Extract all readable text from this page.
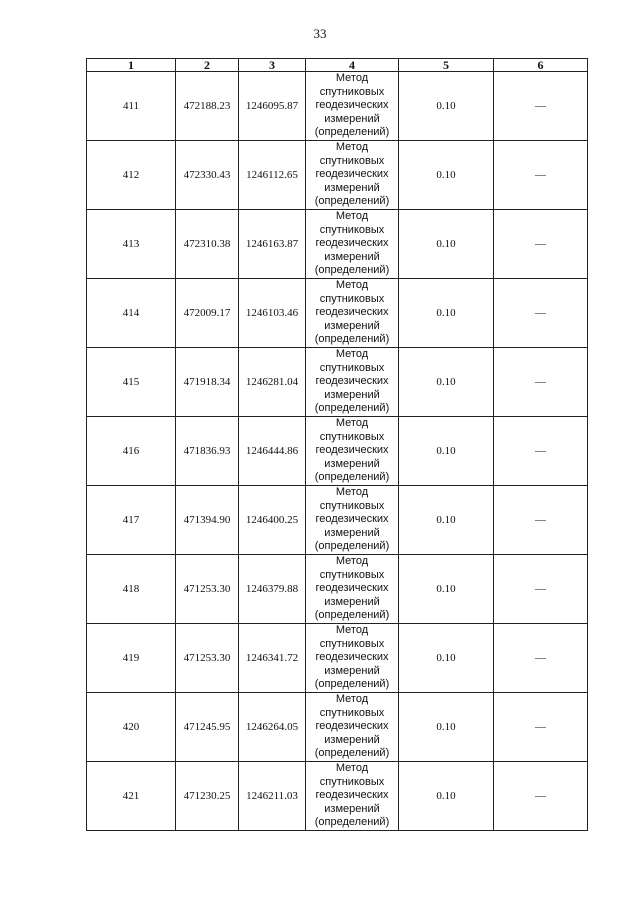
33
1	2	3	4	5	6
411	472188.23	1246095.87	Метод
спутниковых
геодезических
измерений
(определений)	0.10	—
412	472330.43	1246112.65	Метод
спутниковых
геодезических
измерений
(определений)	0.10	—
413	472310.38	1246163.87	Метод
спутниковых
геодезических
измерений
(определений)	0.10	—
414	472009.17	1246103.46	Метод
спутниковых
геодезических
измерений
(определений)	0.10	—
415	471918.34	1246281.04	Метод
спутниковых
геодезических
измерений
(определений)	0.10	—
416	471836.93	1246444.86	Метод
спутниковых
геодезических
измерений
(определений)	0.10	—
417	471394.90	1246400.25	Метод
спутниковых
геодезических
измерений
(определений)	0.10	—
418	471253.30	1246379.88	Метод
спутниковых
геодезических
измерений
(определений)	0.10	—
419	471253.30	1246341.72	Метод
спутниковых
геодезических
измерений
(определений)	0.10	—
420	471245.95	1246264.05	Метод
спутниковых
геодезических
измерений
(определений)	0.10	—
421	471230.25	1246211.03	Метод
спутниковых
геодезических
измерений
(определений)	0.10	—
